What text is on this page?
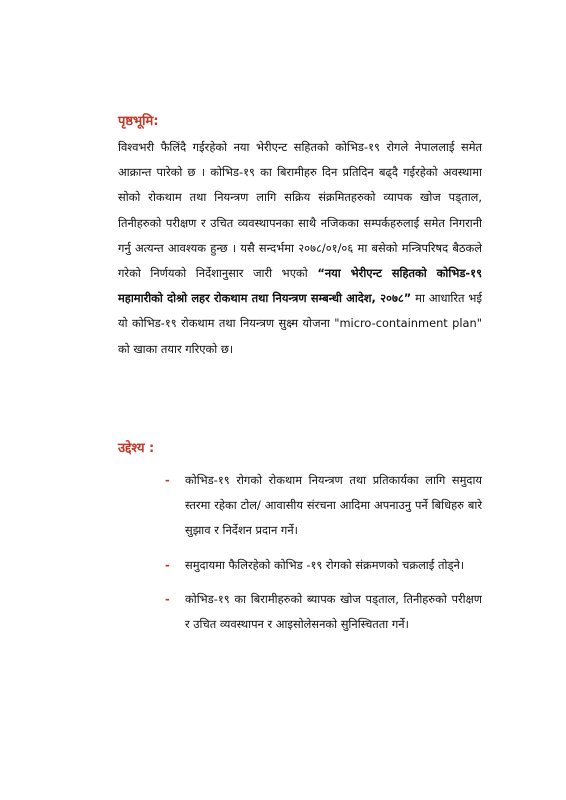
पृष्ठभूमि:

विश्वभरी फैलिंदै गईरहेको नया भेरीएन्ट सहितको कोभिड-१९ रोगले नेपाललाई समेत आक्रान्त पारेको छ । कोभिड-१९ का बिरामीहरु दिन प्रतिदिन बढ्दै गईरहेको अवस्थामा सोको रोकथाम तथा नियन्त्रण लागि सक्रिय संक्रमितहरुको व्यापक खोज पड्ताल, तिनीहरुको परीक्षण र उचित व्यवस्थापनका साथै नजिकका सम्पर्कहरुलाई समेत निगरानी गर्नु अत्यन्त आवश्यक हुन्छ । यसै सन्दर्भमा २०७८/०१/०६ मा बसेको मन्त्रिपरिषद बैठकले गरेको निर्णयको निर्देशानुसार जारी भएको “नया भेरीएन्ट सहितको कोभिड-१९ महामारीको दोश्रो लहर रोकथाम तथा नियन्त्रण सम्बन्धी आदेश, २०७८” मा आधारित भई यो कोभिड-१९ रोकथाम तथा नियन्त्रण सुक्ष्म योजना "micro-containment plan" को खाका तयार गरिएको छ।

उद्देश्य :
- कोभिड-१९ रोगको रोकथाम नियन्त्रण तथा प्रतिकार्यका लागि समुदाय स्तरमा रहेका टोल/ आवासीय संरचना आदिमा अपनाउनु पर्ने बिधिहरु बारे सुझाव र निर्देशन प्रदान गर्ने।
- समुदायमा फैलिरहेको कोभिड -१९ रोगको संक्रमणको चक्रलाई तोड्ने।
- कोभिड-१९ का बिरामीहरुको ब्यापक खोज पड्ताल, तिनीहरुको परीक्षण र उचित व्यवस्थापन र आइसोलेसनको सुनिस्चितता गर्ने।
